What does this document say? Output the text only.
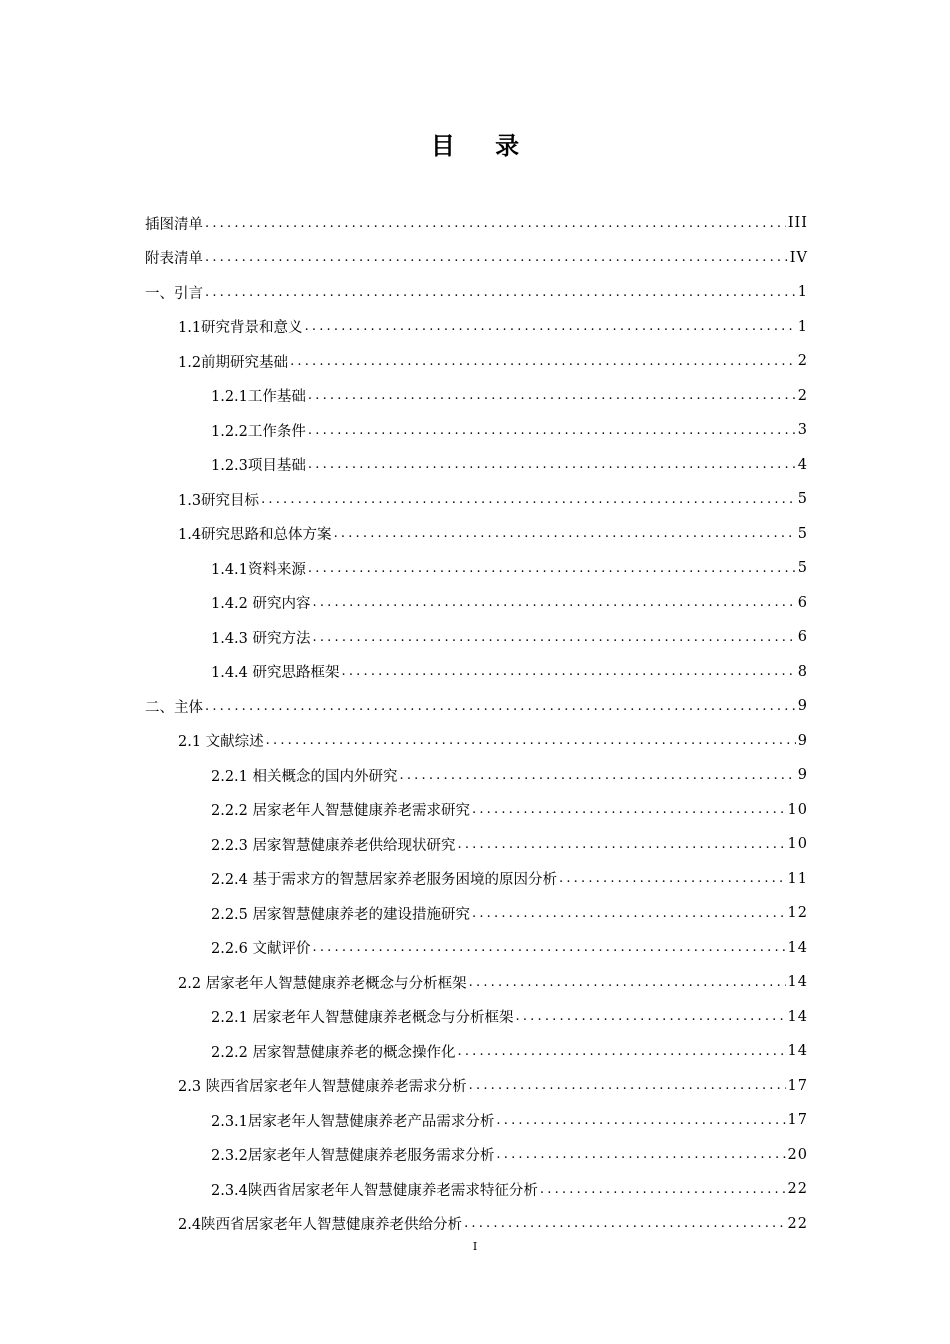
目 录
插图清单 .....	III
附表清单 .....	IV
一、引言 .....	1
1.1研究背景和意义 .....	1
1.2前期研究基础 .....	2
1.2.1工作基础 .....	2
1.2.2工作条件 .....	3
1.2.3项目基础 .....	4
1.3研究目标 .....	5
1.4研究思路和总体方案 .....	5
1.4.1资料来源 .....	5
1.4.2 研究内容 .....	6
1.4.3 研究方法 .....	6
1.4.4 研究思路框架 .....	8
二、主体 .....	9
2.1 文献综述 .....	9
2.2.1 相关概念的国内外研究 .....	9
2.2.2 居家老年人智慧健康养老需求研究 .....	10
2.2.3 居家智慧健康养老供给现状研究 .....	10
2.2.4 基于需求方的智慧居家养老服务困境的原因分析 .....	11
2.2.5 居家智慧健康养老的建设措施研究 .....	12
2.2.6 文献评价 .....	14
2.2 居家老年人智慧健康养老概念与分析框架 .....	14
2.2.1 居家老年人智慧健康养老概念与分析框架 .....	14
2.2.2 居家智慧健康养老的概念操作化 .....	14
2.3 陕西省居家老年人智慧健康养老需求分析 .....	17
2.3.1居家老年人智慧健康养老产品需求分析 .....	17
2.3.2居家老年人智慧健康养老服务需求分析 .....	20
2.3.4陕西省居家老年人智慧健康养老需求特征分析 .....	22
2.4陕西省居家老年人智慧健康养老供给分析 .....	22
I
